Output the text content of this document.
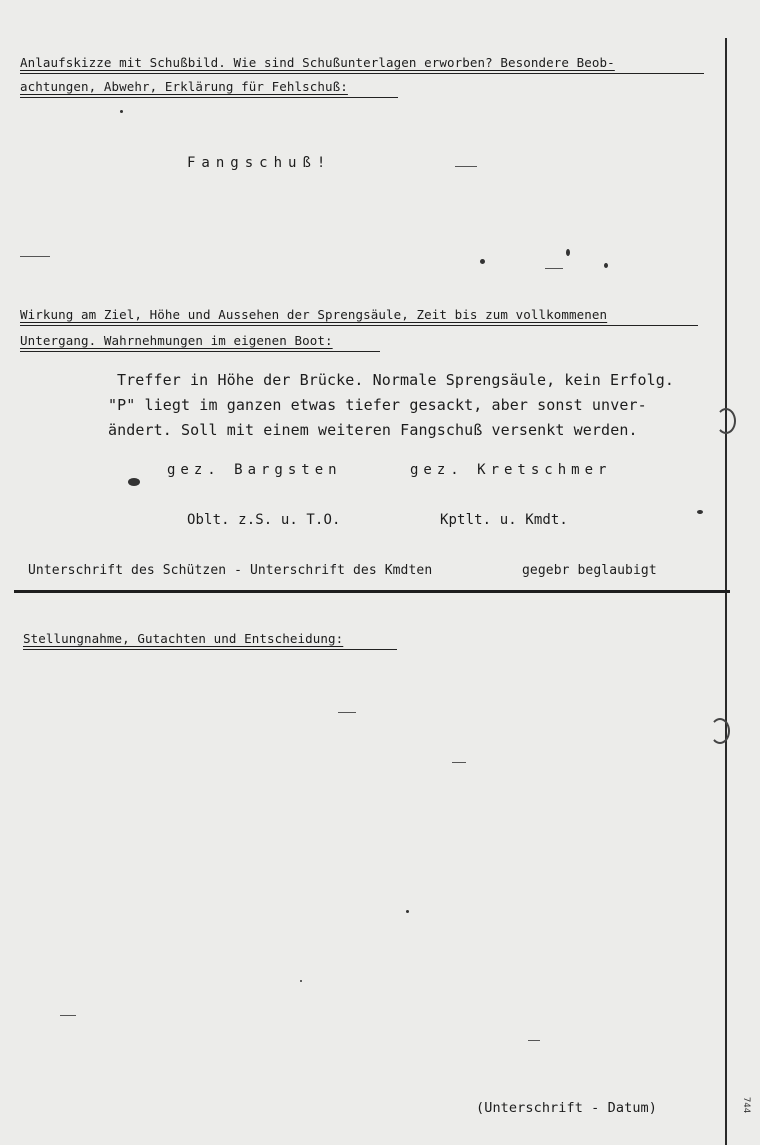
Anlaufskizze mit Schußbild. Wie sind Schußunterlagen erworben? Besondere Beob-
achtungen, Abwehr, Erklärung für Fehlschuß:
Fangschuß!
Wirkung am Ziel, Höhe und Aussehen der Sprengsäule, Zeit bis zum vollkommenen
Untergang. Wahrnehmungen im eigenen Boot:
Treffer in Höhe der Brücke. Normale Sprengsäule, kein Erfolg.
"P" liegt im ganzen etwas tiefer gesackt, aber sonst unver-
ändert. Soll mit einem weiteren Fangschuß versenkt werden.
gez. Bargsten	gez. Kretschmer
Oblt. z.S. u. T.O.	Kptlt. u. Kmdt.
Unterschrift des Schützen - Unterschrift des Kmdten	gegebr beglaubigt
Stellungnahme, Gutachten und Entscheidung:
(Unterschrift - Datum)	744
